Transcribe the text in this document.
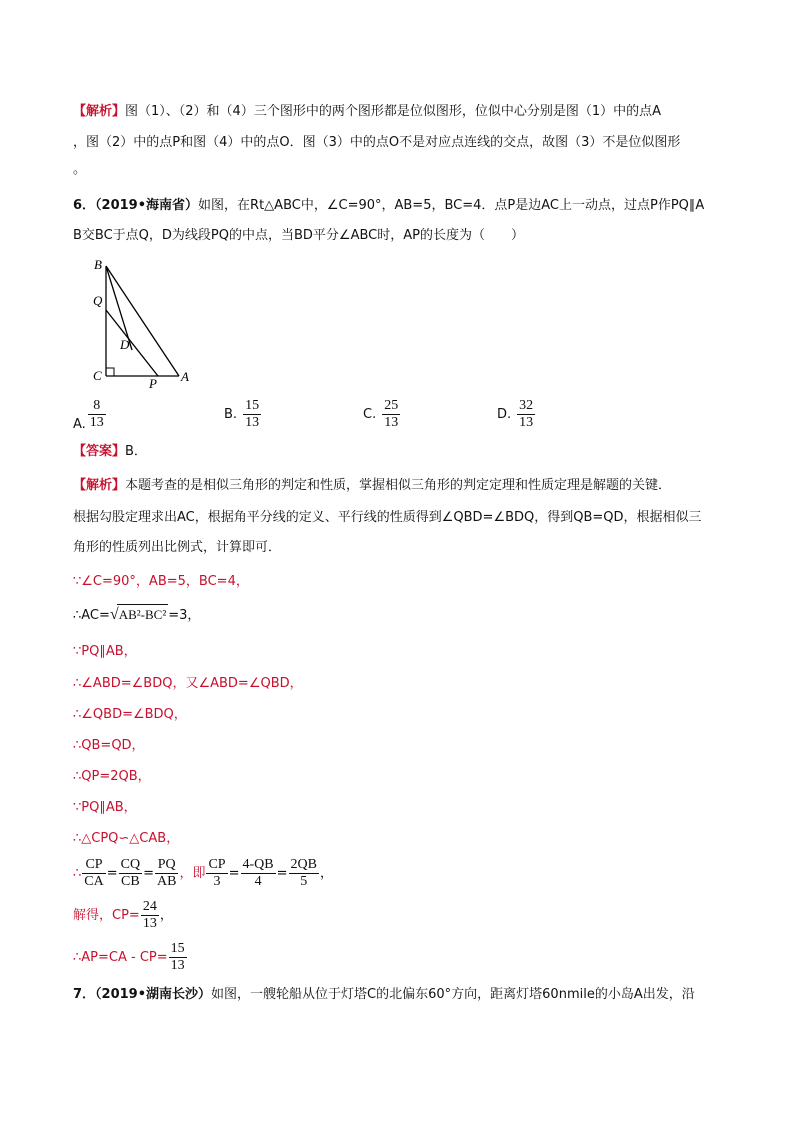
【解析】图（1）、（2）和（4）三个图形中的两个图形都是位似图形，位似中心分别是图（1）中的点A
，图（2）中的点P和图（4）中的点O．图（3）中的点O不是对应点连线的交点，故图（3）不是位似图形
。
6．（2019•海南省）如图，在Rt△ABC中，∠C=90°，AB=5，BC=4．点P是边AC上一动点，过点P作PQ∥A
B交BC于点Q，D为线段PQ的中点，当BD平分∠ABC时，AP的长度为（　　）
B
Q
D
C
P A
A. $\frac{8}{13}$	B. $\frac{15}{13}$	C. $\frac{25}{13}$	D. $\frac{32}{13}$
【答案】B．
【解析】本题考查的是相似三角形的判定和性质，掌握相似三角形的判定定理和性质定理是解题的关键．
根据勾股定理求出AC，根据角平分线的定义、平行线的性质得到∠QBD=∠BDQ，得到QB=QD，根据相似三
角形的性质列出比例式，计算即可．
∵∠C=90°，AB=5，BC=4，
∴AC=√AB²-BC² =3，
∵PQ∥AB，
∴∠ABD=∠BDQ，又∠ABD=∠QBD，
∴∠QBD=∠BDQ，
∴QB=QD，
∴QP=2QB，
∵PQ∥AB，
∴△CPQ∽△CAB，
∴ $\frac{CP}{CA} = \frac{CQ}{CB} = \frac{PQ}{AB}$ ，即 $\frac{CP}{3} = \frac{4-QB}{4} = \frac{2QB}{5}$ ，
解得，$CP= \frac{24}{13}$ ，
∴AP=CA - $CP= \frac{15}{13}$
7．（2019•湖南长沙）如图，一艘轮船从位于灯塔C的北偏东60°方向，距离灯塔60nmile的小岛A出发，沿
